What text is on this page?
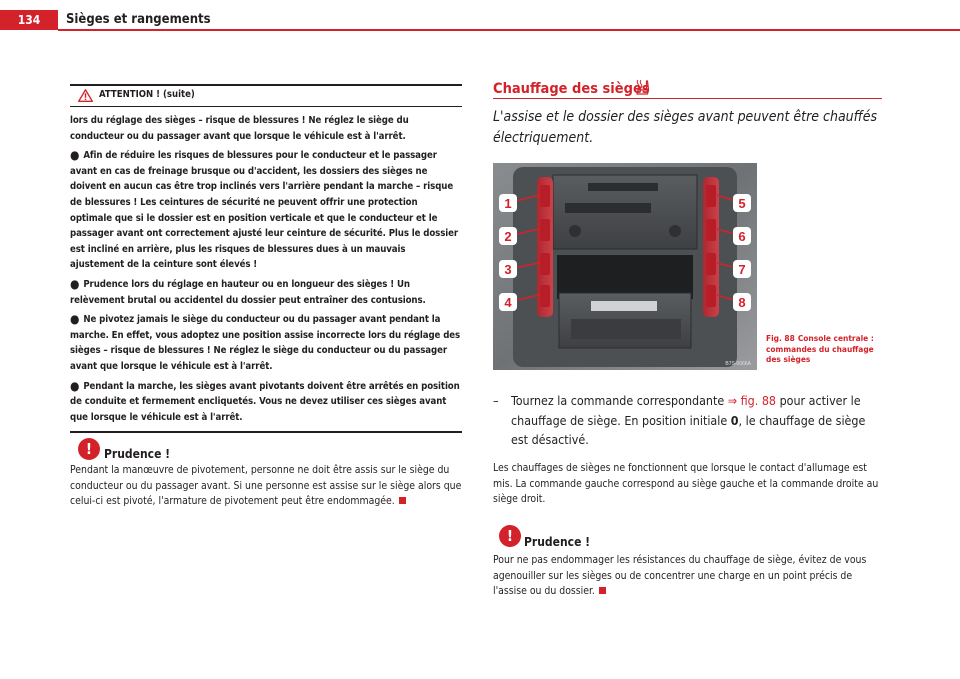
134	Sièges et rangements
ATTENTION ! (suite)

lors du réglage des sièges – risque de blessures ! Ne réglez le siège du conducteur ou du passager avant que lorsque le véhicule est à l'arrêt.

● Afin de réduire les risques de blessures pour le conducteur et le passager avant en cas de freinage brusque ou d'accident, les dossiers des sièges ne doivent en aucun cas être trop inclinés vers l'arrière pendant la marche – risque de blessures ! Les ceintures de sécurité ne peuvent offrir une protection optimale que si le dossier est en position verticale et que le conducteur et le passager avant ont correctement ajusté leur ceinture de sécurité. Plus le dossier est incliné en arrière, plus les risques de blessures dues à un mauvais ajustement de la ceinture sont élevés !

● Prudence lors du réglage en hauteur ou en longueur des sièges ! Un relèvement brutal ou accidentel du dossier peut entraîner des contusions.

● Ne pivotez jamais le siège du conducteur ou du passager avant pendant la marche. En effet, vous adoptez une position assise incorrecte lors du réglage des sièges – risque de blessures ! Ne réglez le siège du conducteur ou du passager avant que lorsque le véhicule est à l'arrêt.

● Pendant la marche, les sièges avant pivotants doivent être arrêtés en position de conduite et fermement encliquetés. Vous ne devez utiliser ces sièges avant que lorsque le véhicule est à l'arrêt.

! Prudence !
Pendant la manœuvre de pivotement, personne ne doit être assis sur le siège du conducteur ou du passager avant. Si une personne est assise sur le siège alors que celui-ci est pivoté, l'armature de pivotement peut être endommagée.
Chauffage des sièges
L'assise et le dossier des sièges avant peuvent être chauffés électriquement.
1
2
3
4
5
6
7
8
B7S-0066A
Fig. 88 Console centrale : commandes du chauffage des sièges
– Tournez la commande correspondante ⇒ fig. 88 pour activer le chauffage de siège. En position initiale 0, le chauffage de siège est désactivé.
Les chauffages de sièges ne fonctionnent que lorsque le contact d'allumage est mis. La commande gauche correspond au siège gauche et la commande droite au siège droit.
! Prudence !
Pour ne pas endommager les résistances du chauffage de siège, évitez de vous agenouiller sur les sièges ou de concentrer une charge en un point précis de l'assise ou du dossier.
